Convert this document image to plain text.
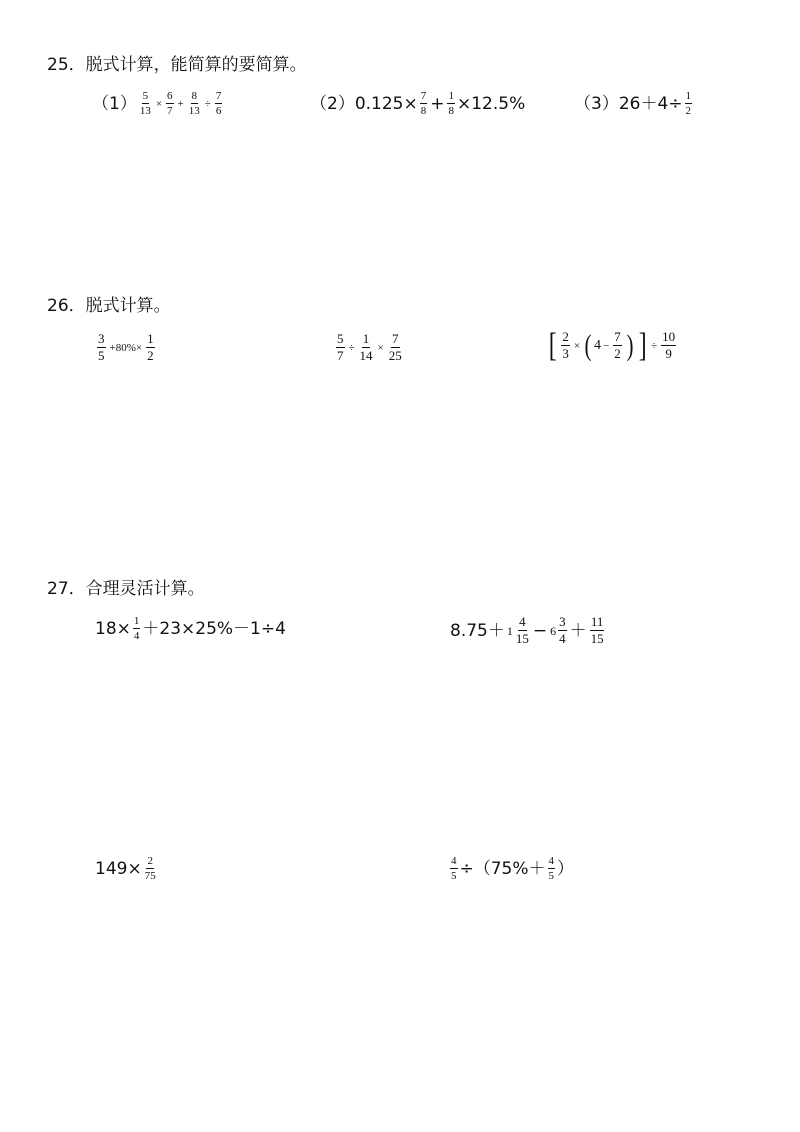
25．脱式计算，能简算的要简算。
$(1) \frac{5}{13} \times \frac{6}{7} + \frac{8}{13} \div \frac{7}{6}$	$(2)0.125\times \frac{7}{8} + \frac{1}{8} \times 12.5\%$	$(3)26+4\div \frac{1}{2}$
26．脱式计算。
$\frac{3}{5} +80\%\times \frac{1}{2}$	$\frac{5}{7} \div \frac{1}{14} \times \frac{7}{25}$	[ $\frac{2}{3}$ × ( $4 - \frac{7}{2}$ ) ] ÷ $\frac{10}{9}$
27．合理灵活计算。
$18\times \frac{1}{4} +23\times 25\%-1\div 4$	$8.75+ 1 \frac{4}{15} - 6 \frac{3}{4} + \frac{11}{15}$
$149\times \frac{2}{75}$	$\frac{4}{5} \div(75\%+ \frac{4}{5}$ ）
